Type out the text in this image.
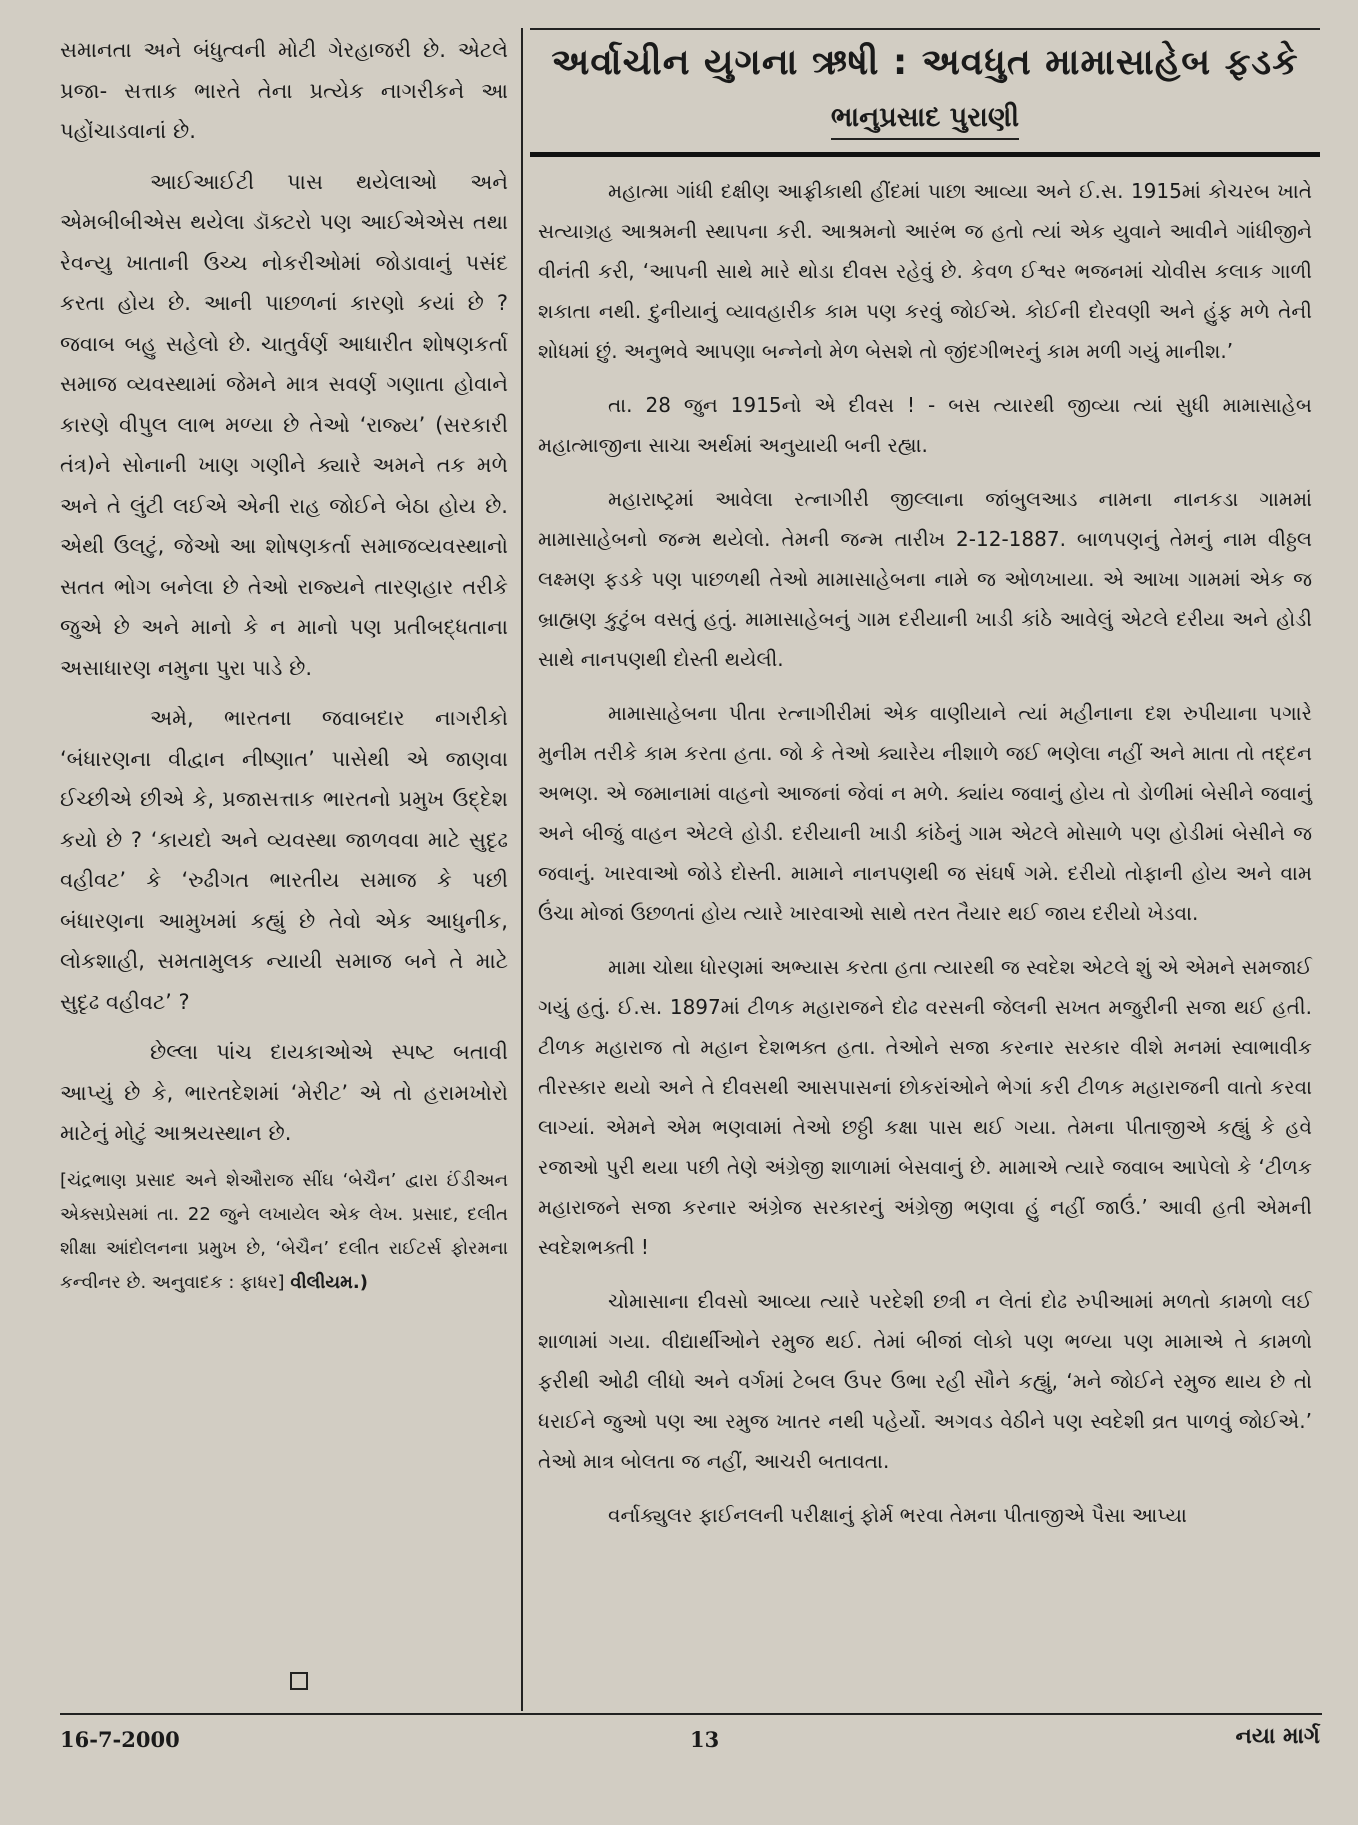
સમાનતા અને બંધુત્વની મોટી ગેરહાજરી છે. એટલે પ્રજા- સત્તાક ભારતે તેના પ્રત્યેક નાગરીકને આ પહોંચાડવાનાં છે.

આઈઆઈટી પાસ થયેલાઓ અને એમબીબીએસ થયેલા ડૉક્ટરો પણ આઈએએસ તથા રેવન્યુ ખાતાની ઉચ્ચ નોકરીઓમાં જોડાવાનું પસંદ કરતા હોય છે. આની પાછળનાં કારણો કયાં છે ? જવાબ બહુ સહેલો છે. ચાતુર્વર્ણ આધારીત શોષણકર્તા સમાજ વ્યવસ્થામાં જેમને માત્ર સવર્ણ ગણાતા હોવાને કારણે વીપુલ લાભ મળ્યા છે તેઓ ‘રાજ્ય’ (સરકારી તંત્ર)ને સોનાની ખાણ ગણીને ક્યારે અમને તક મળે અને તે લુંટી લઈએ એની રાહ જોઈને બેઠા હોય છે. એથી ઉલટું, જેઓ આ શોષણકર્તા સમાજવ્યવસ્થાનો સતત ભોગ બનેલા છે તેઓ રાજ્યને તારણહાર તરીકે જુએ છે અને માનો કે ન માનો પણ પ્રતીબદ્ધતાના અસાધારણ નમુના પુરા પાડે છે.

અમે, ભારતના જવાબદાર નાગરીકો ‘બંધારણના વીદ્વાન નીષ્ણાત’ પાસેથી એ જાણવા ઈચ્છીએ છીએ કે, પ્રજાસત્તાક ભારતનો પ્રમુખ ઉદ્દેશ કયો છે ? ‘કાયદો અને વ્યવસ્થા જાળવવા માટે સુદૃઢ વહીવટ’ કે ‘રુઢીગત ભારતીય સમાજ કે પછી બંધારણના આમુખમાં કહ્યું છે તેવો એક આધુનીક, લોકશાહી, સમતામુલક ન્યાયી સમાજ બને તે માટે સુદૃઢ વહીવટ’ ?

છેલ્લા પાંચ દાયકાઓએ સ્પષ્ટ બતાવી આપ્યું છે કે, ભારતદેશમાં ‘મેરીટ’ એ તો હરામખોરો માટેનું મોટું આશ્રયસ્થાન છે.

[ચંદ્રભાણ પ્રસાદ અને શેઔરાજ સીંઘ ‘બેચૈન’ દ્વારા ઈંડીઅન એક્સપ્રેસમાં તા. 22 જુને લખાયેલ એક લેખ. પ્રસાદ, દલીત શીક્ષા આંદોલનના પ્રમુખ છે, ‘બેચૈન’ દલીત રાઈટર્સ ફોરમના કન્વીનર છે. અનુવાદક : ફાધર] વીલીયમ.)
અર્વાચીન યુગના ઋષી : અવધુત મામાસાહેબ ફડકે
ભાનુપ્રસાદ પુરાણી

મહાત્મા ગાંધી દક્ષીણ આફ્રીકાથી હીંદમાં પાછા આવ્યા અને ઈ.સ. 1915માં કોચરબ ખાતે સત્યાગ્રહ આશ્રમની સ્થાપના કરી. આશ્રમનો આરંભ જ હતો ત્યાં એક યુવાને આવીને ગાંધીજીને વીનંતી કરી, ‘આપની સાથે મારે થોડા દીવસ રહેવું છે. કેવળ ઈશ્વર ભજનમાં ચોવીસ કલાક ગાળી શકાતા નથી. દુનીયાનું વ્યાવહારીક કામ પણ કરવું જોઈએ. કોઈની દોરવણી અને હુંફ મળે તેની શોધમાં છું. અનુભવે આપણા બન્નેનો મેળ બેસશે તો જીંદગીભરનું કામ મળી ગયું માનીશ.’

તા. 28 જુન 1915નો એ દીવસ ! - બસ ત્યારથી જીવ્યા ત્યાં સુધી મામાસાહેબ મહાત્માજીના સાચા અર્થમાં અનુયાયી બની રહ્યા.

મહારાષ્ટ્રમાં આવેલા રત્નાગીરી જીલ્લાના જાંબુલઆડ નામના નાનકડા ગામમાં મામાસાહેબનો જન્મ થયેલો. તેમની જન્મ તારીખ 2-12-1887. બાળપણનું તેમનું નામ વીઠ્ઠલ લક્ષ્મણ ફડકે પણ પાછળથી તેઓ મામાસાહેબના નામે જ ઓળખાયા. એ આખા ગામમાં એક જ બ્રાહ્મણ કુટુંબ વસતું હતું. મામાસાહેબનું ગામ દરીયાની ખાડી કાંઠે આવેલું એટલે દરીયા અને હોડી સાથે નાનપણથી દોસ્તી થયેલી.

મામાસાહેબના પીતા રત્નાગીરીમાં એક વાણીયાને ત્યાં મહીનાના દશ રુપીયાના પગારે મુનીમ તરીકે કામ કરતા હતા. જો કે તેઓ ક્યારેય નીશાળે જઈ ભણેલા નહીં અને માતા તો તદ્દન અભણ. એ જમાનામાં વાહનો આજનાં જેવાં ન મળે. ક્યાંય જવાનું હોય તો ડોળીમાં બેસીને જવાનું અને બીજું વાહન એટલે હોડી. દરીયાની ખાડી કાંઠેનું ગામ એટલે મોસાળે પણ હોડીમાં બેસીને જ જવાનું. ખારવાઓ જોડે દોસ્તી. મામાને નાનપણથી જ સંઘર્ષ ગમે. દરીયો તોફાની હોય અને વામ ઉંચા મોજાં ઉછળતાં હોય ત્યારે ખારવાઓ સાથે તરત તૈયાર થઈ જાય દરીયો ખેડવા.

મામા ચોથા ધોરણમાં અભ્યાસ કરતા હતા ત્યારથી જ સ્વદેશ એટલે શું એ એમને સમજાઈ ગયું હતું. ઈ.સ. 1897માં ટીળક મહારાજને દોઢ વરસની જેલની સખત મજુરીની સજા થઈ હતી. ટીળક મહારાજ તો મહાન દેશભક્ત હતા. તેઓને સજા કરનાર સરકાર વીશે મનમાં સ્વાભાવીક તીરસ્કાર થયો અને તે દીવસથી આસપાસનાં છોકરાંઓને ભેગાં કરી ટીળક મહારાજની વાતો કરવા લાગ્યાં. એમને એમ ભણવામાં તેઓ છઠ્ઠી કક્ષા પાસ થઈ ગયા. તેમના પીતાજીએ કહ્યું કે હવે રજાઓ પુરી થયા પછી તેણે અંગ્રેજી શાળામાં બેસવાનું છે. મામાએ ત્યારે જવાબ આપેલો કે ‘ટીળક મહારાજને સજા કરનાર અંગ્રેજ સરકારનું અંગ્રેજી ભણવા હું નહીં જાઉં.’ આવી હતી એમની સ્વદેશભક્તી !

ચોમાસાના દીવસો આવ્યા ત્યારે પરદેશી છત્રી ન લેતાં દોઢ રુપીઆમાં મળતો કામળો લઈ શાળામાં ગયા. વીદ્યાર્થીઓને રમુજ થઈ. તેમાં બીજાં લોકો પણ ભળ્યા પણ મામાએ તે કામળો ફરીથી ઓઢી લીધો અને વર્ગમાં ટેબલ ઉપર ઉભા રહી સૌને કહ્યું, ‘મને જોઈને રમુજ થાય છે તો ધરાઈને જુઓ પણ આ રમુજ ખાતર નથી પહેર્યો. અગવડ વેઠીને પણ સ્વદેશી વ્રત પાળવું જોઈએ.’ તેઓ માત્ર બોલતા જ નહીં, આચરી બતાવતા.

વર્નાક્યુલર ફાઈનલની પરીક્ષાનું ફોર્મ ભરવા તેમના પીતાજીએ પૈસા આપ્યા

16-7-2000	13	નયા માર્ગ
